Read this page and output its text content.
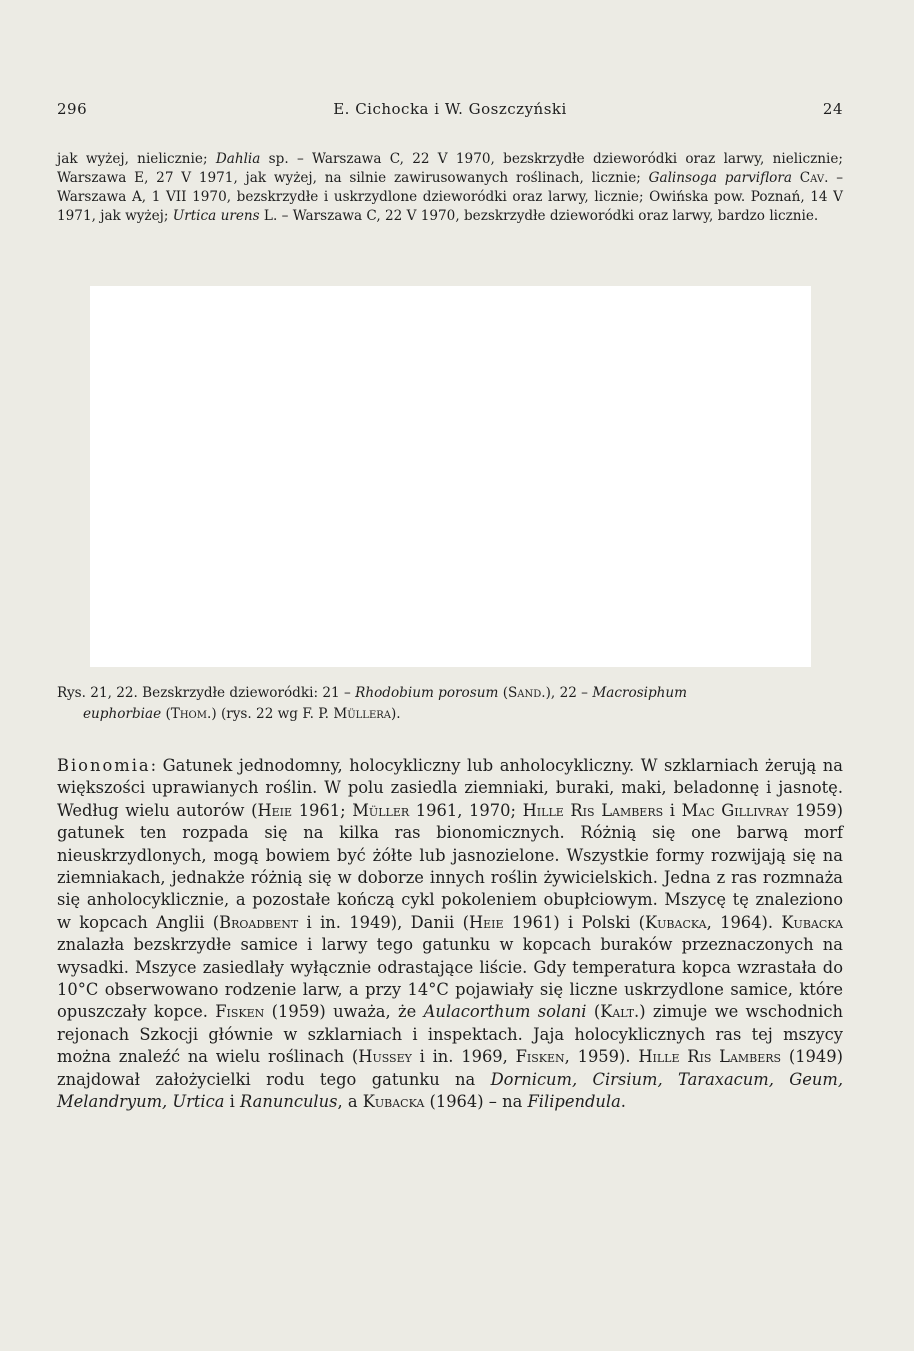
296	E. Cichocka i W. Goszczyński	24

jak wyżej, nielicznie; Dahlia sp. – Warszawa C, 22 V 1970, bezskrzydłe dzieworódki oraz larwy, nielicznie; Warszawa E, 27 V 1971, jak wyżej, na silnie zawirusowanych roślinach, licznie; Galinsoga parviflora Cav. – Warszawa A, 1 VII 1970, bezskrzydłe i uskrzydlone dzieworódki oraz larwy, licznie; Owińska pow. Poznań, 14 V 1971, jak wyżej; Urtica urens L. – Warszawa C, 22 V 1970, bezskrzydłe dzieworódki oraz larwy, bardzo licznie.

Rys. 21, 22. Bezskrzydłe dzieworódki: 21 – Rhodobium porosum (Sand.), 22 – Macrosiphum

euphorbiae (Thom.) (rys. 22 wg F. P. Müllera).

Bionomia: Gatunek jednodomny, holocykliczny lub anholocykliczny. W szklarniach żerują na większości uprawianych roślin. W polu zasiedla ziemniaki, buraki, maki, beladonnę i jasnotę. Według wielu autorów (Heie 1961; Müller 1961, 1970; Hille Ris Lambers i Mac Gillivray 1959) gatunek ten rozpada się na kilka ras bionomicznych. Różnią się one barwą morf nieuskrzydlonych, mogą bowiem być żółte lub jasnozielone. Wszystkie formy rozwijają się na ziemniakach, jednakże różnią się w doborze innych roślin żywicielskich. Jedna z ras rozmnaża się anholocyklicznie, a pozostałe kończą cykl pokoleniem obupłciowym. Mszycę tę znaleziono w kopcach Anglii (Broadbent i in. 1949), Danii (Heie 1961) i Polski (Kubacka, 1964). Kubacka znalazła bezskrzydłe samice i larwy tego gatunku w kopcach buraków przeznaczonych na wysadki. Mszyce zasiedlały wyłącznie odrastające liście. Gdy temperatura kopca wzrastała do 10°C obserwowano rodzenie larw, a przy 14°C pojawiały się liczne uskrzydlone samice, które opuszczały kopce. Fisken (1959) uważa, że Aulacorthum solani (Kalt.) zimuje we wschodnich rejonach Szkocji głównie w szklarniach i inspektach. Jaja holocyklicznych ras tej mszycy można znaleźć na wielu roślinach (Hussey i in. 1969, Fisken, 1959). Hille Ris Lambers (1949) znajdował założycielki rodu tego gatunku na Dornicum, Cirsium, Taraxacum, Geum, Melandryum, Urtica i Ranunculus, a Kubacka (1964) – na Filipendula.
